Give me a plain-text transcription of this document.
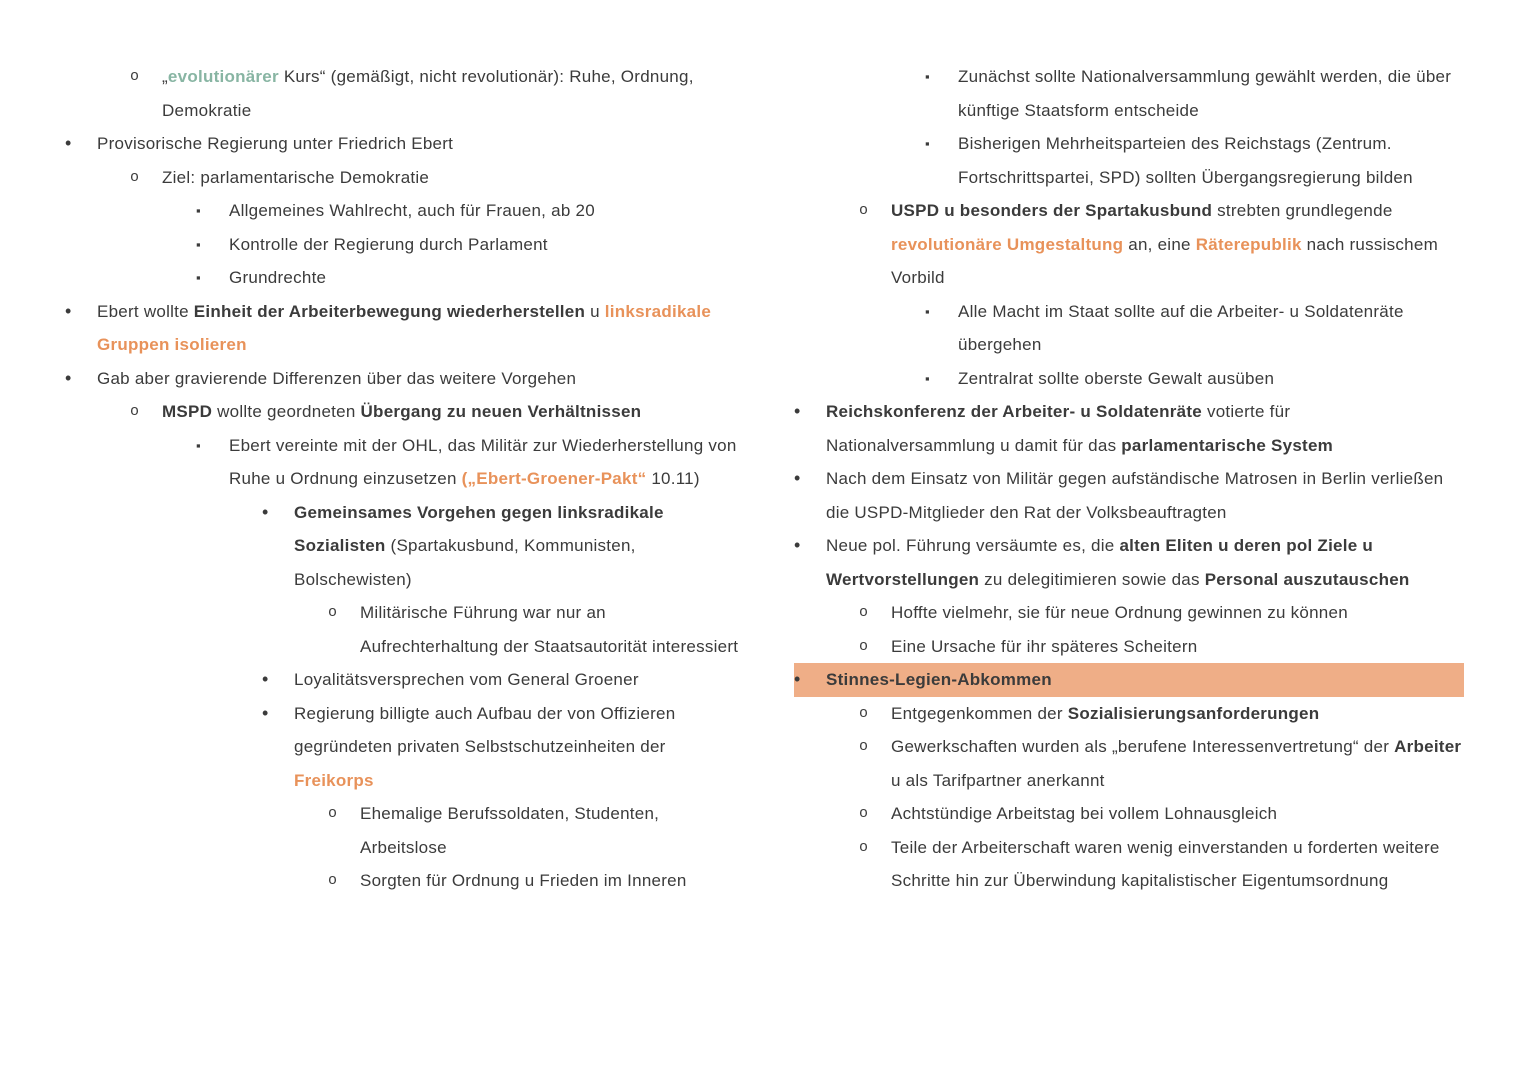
o „evolutionärer Kurs“ (gemäßigt, nicht revolutionär): Ruhe, Ordnung, Demokratie
• Provisorische Regierung unter Friedrich Ebert
o Ziel: parlamentarische Demokratie
▪ Allgemeines Wahlrecht, auch für Frauen, ab 20
▪ Kontrolle der Regierung durch Parlament
▪ Grundrechte
• Ebert wollte Einheit der Arbeiterbewegung wiederherstellen u linksradikale Gruppen isolieren
• Gab aber gravierende Differenzen über das weitere Vorgehen
o MSPD wollte geordneten Übergang zu neuen Verhältnissen
▪ Ebert vereinte mit der OHL, das Militär zur Wiederherstellung von Ruhe u Ordnung einzusetzen („Ebert-Groener-Pakt“ 10.11)
• Gemeinsames Vorgehen gegen linksradikale Sozialisten (Spartakusbund, Kommunisten, Bolschewisten)
o Militärische Führung war nur an Aufrechterhaltung der Staatsautorität interessiert
• Loyalitätsversprechen vom General Groener
• Regierung billigte auch Aufbau der von Offizieren gegründeten privaten Selbstschutzeinheiten der Freikorps
o Ehemalige Berufssoldaten, Studenten, Arbeitslose
o Sorgten für Ordnung u Frieden im Inneren
▪ Zunächst sollte Nationalversammlung gewählt werden, die über künftige Staatsform entscheide
▪ Bisherigen Mehrheitsparteien des Reichstags (Zentrum. Fortschrittspartei, SPD) sollten Übergangsregierung bilden
o USPD u besonders der Spartakusbund strebten grundlegende revolutionäre Umgestaltung an, eine Räterepublik nach russischem Vorbild
▪ Alle Macht im Staat sollte auf die Arbeiter- u Soldatenräte übergehen
▪ Zentralrat sollte oberste Gewalt ausüben
• Reichskonferenz der Arbeiter- u Soldatenräte votierte für Nationalversammlung u damit für das parlamentarische System
• Nach dem Einsatz von Militär gegen aufständische Matrosen in Berlin verließen die USPD-Mitglieder den Rat der Volksbeauftragten
• Neue pol. Führung versäumte es, die alten Eliten u deren pol Ziele u Wertvorstellungen zu delegitimieren sowie das Personal auszutauschen
o Hoffte vielmehr, sie für neue Ordnung gewinnen zu können
o Eine Ursache für ihr späteres Scheitern
• Stinnes-Legien-Abkommen
o Entgegenkommen der Sozialisierungsanforderungen
o Gewerkschaften wurden als „berufene Interessenvertretung“ der Arbeiter u als Tarifpartner anerkannt
o Achtstündige Arbeitstag bei vollem Lohnausgleich
o Teile der Arbeiterschaft waren wenig einverstanden u forderten weitere Schritte hin zur Überwindung kapitalistischer Eigentumsordnung
